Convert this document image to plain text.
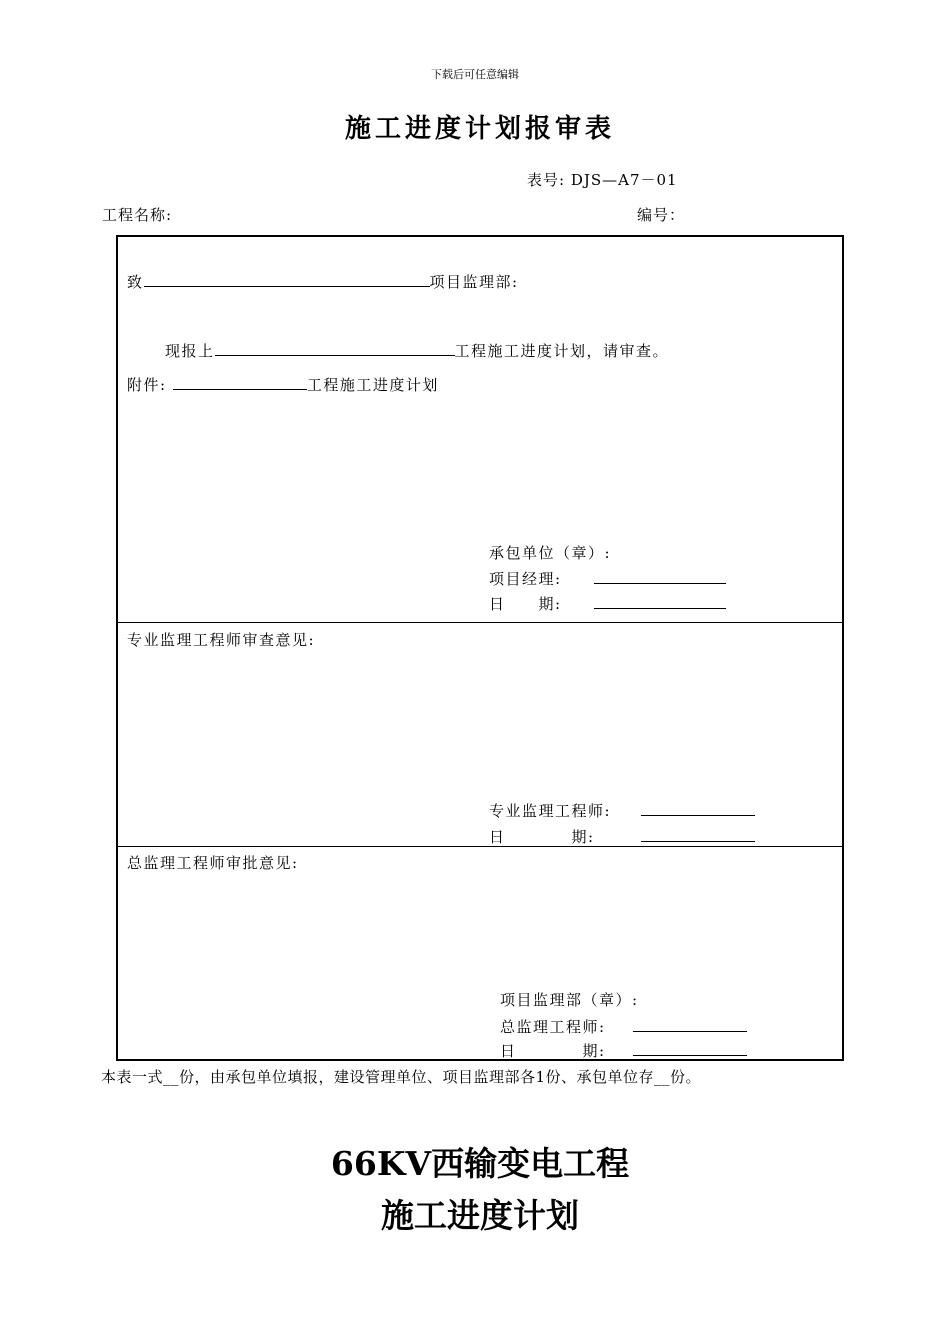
下载后可任意编辑
施工进度计划报审表
表号: DJS—A7－01
工程名称:	编号：
致	项目监理部:
现报上	工程施工进度计划，请审查。
附件:	工程施工进度计划
承包单位（章）:
项目经理:
日　　期:
专业监理工程师审查意见:
专业监理工程师:
日　　　　期:
总监理工程师审批意见:
项目监理部（章）:
总监理工程师:
日　　　　期:
本表一式__份，由承包单位填报，建设管理单位、项目监理部各1份、承包单位存__份。
66KV西输变电工程
施工进度计划
